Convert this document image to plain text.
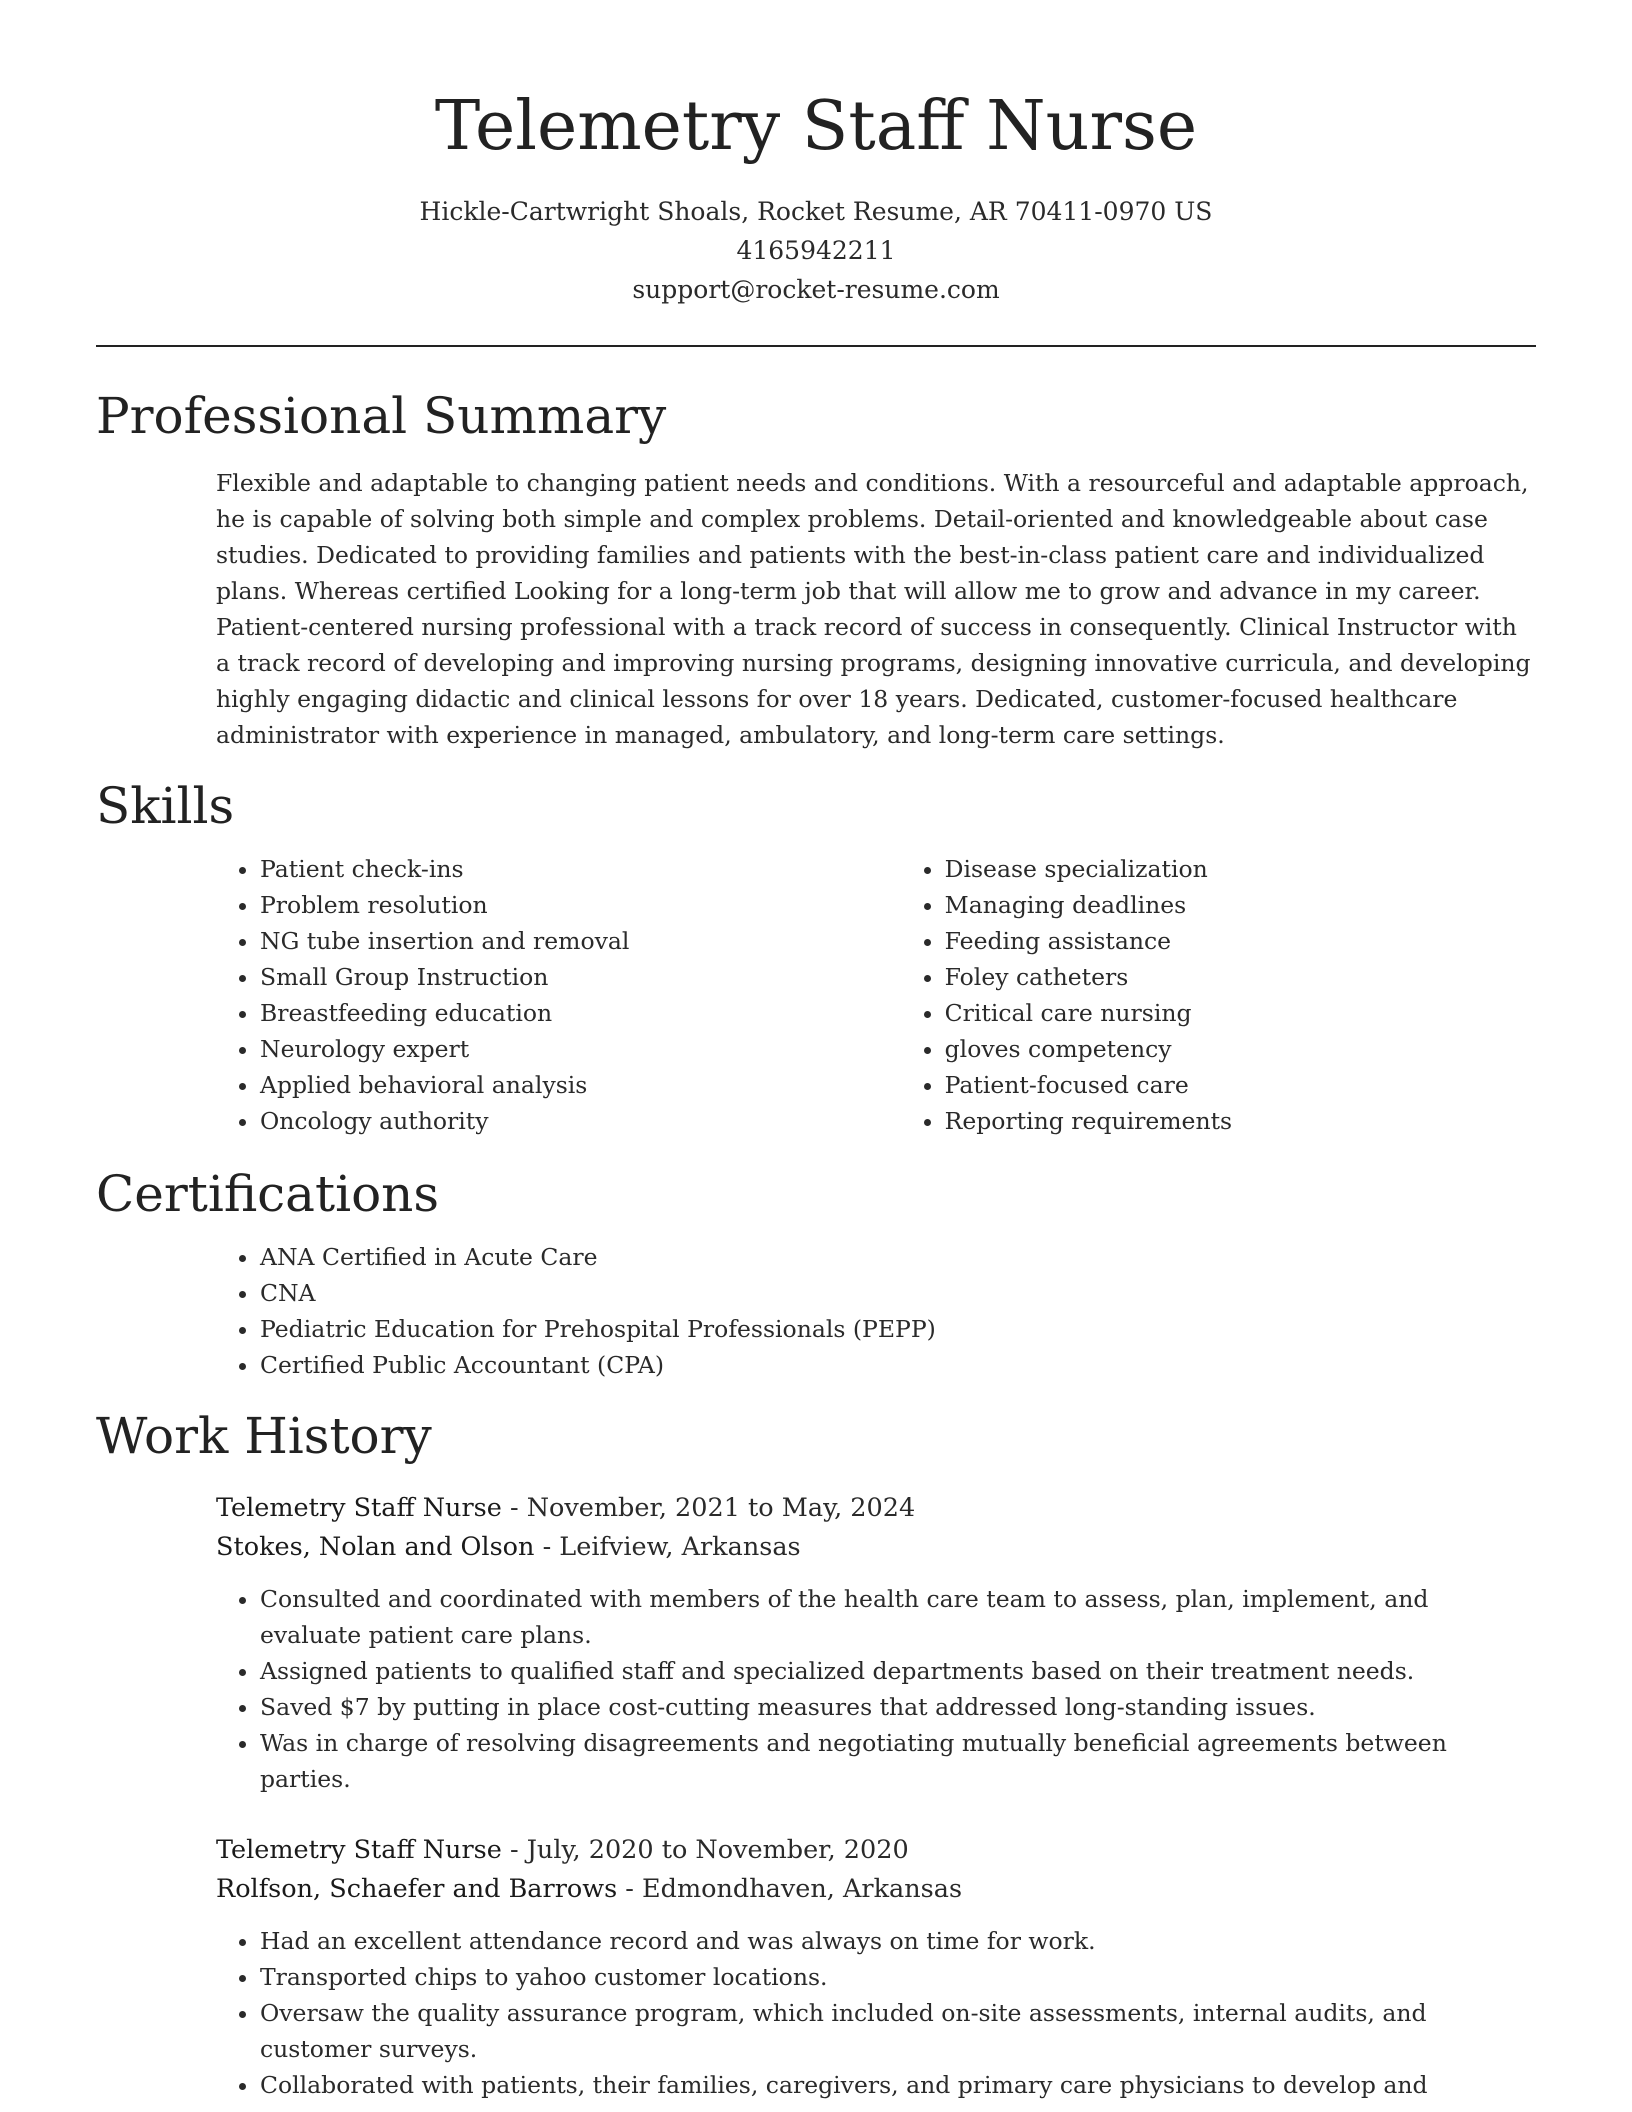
Telemetry Staff Nurse
Hickle-Cartwright Shoals, Rocket Resume, AR 70411-0970 US
4165942211
support@rocket-resume.com
Professional Summary

Flexible and adaptable to changing patient needs and conditions. With a resourceful and adaptable approach, he is capable of solving both simple and complex problems. Detail-oriented and knowledgeable about case studies. Dedicated to providing families and patients with the best-in-class patient care and individualized plans. Whereas certified Looking for a long-term job that will allow me to grow and advance in my career. Patient-centered nursing professional with a track record of success in consequently. Clinical Instructor with a track record of developing and improving nursing programs, designing innovative curricula, and developing highly engaging didactic and clinical lessons for over 18 years. Dedicated, customer-focused healthcare administrator with experience in managed, ambulatory, and long-term care settings.

Skills
• Patient check-ins
• Problem resolution
• NG tube insertion and removal
• Small Group Instruction
• Breastfeeding education
• Neurology expert
• Applied behavioral analysis
• Oncology authority
• Disease specialization
• Managing deadlines
• Feeding assistance
• Foley catheters
• Critical care nursing
• gloves competency
• Patient-focused care
• Reporting requirements
Certifications
• ANA Certified in Acute Care
• CNA
• Pediatric Education for Prehospital Professionals (PEPP)
• Certified Public Accountant (CPA)
Work History
Telemetry Staff Nurse - November, 2021 to May, 2024
Stokes, Nolan and Olson - Leifview, Arkansas
• Consulted and coordinated with members of the health care team to assess, plan, implement, and evaluate patient care plans.
• Assigned patients to qualified staff and specialized departments based on their treatment needs.
• Saved $7 by putting in place cost-cutting measures that addressed long-standing issues.
• Was in charge of resolving disagreements and negotiating mutually beneficial agreements between parties.
Telemetry Staff Nurse - July, 2020 to November, 2020
Rolfson, Schaefer and Barrows - Edmondhaven, Arkansas
• Had an excellent attendance record and was always on time for work.
• Transported chips to yahoo customer locations.
• Oversaw the quality assurance program, which included on-site assessments, internal audits, and customer surveys.
• Collaborated with patients, their families, caregivers, and primary care physicians to develop and
